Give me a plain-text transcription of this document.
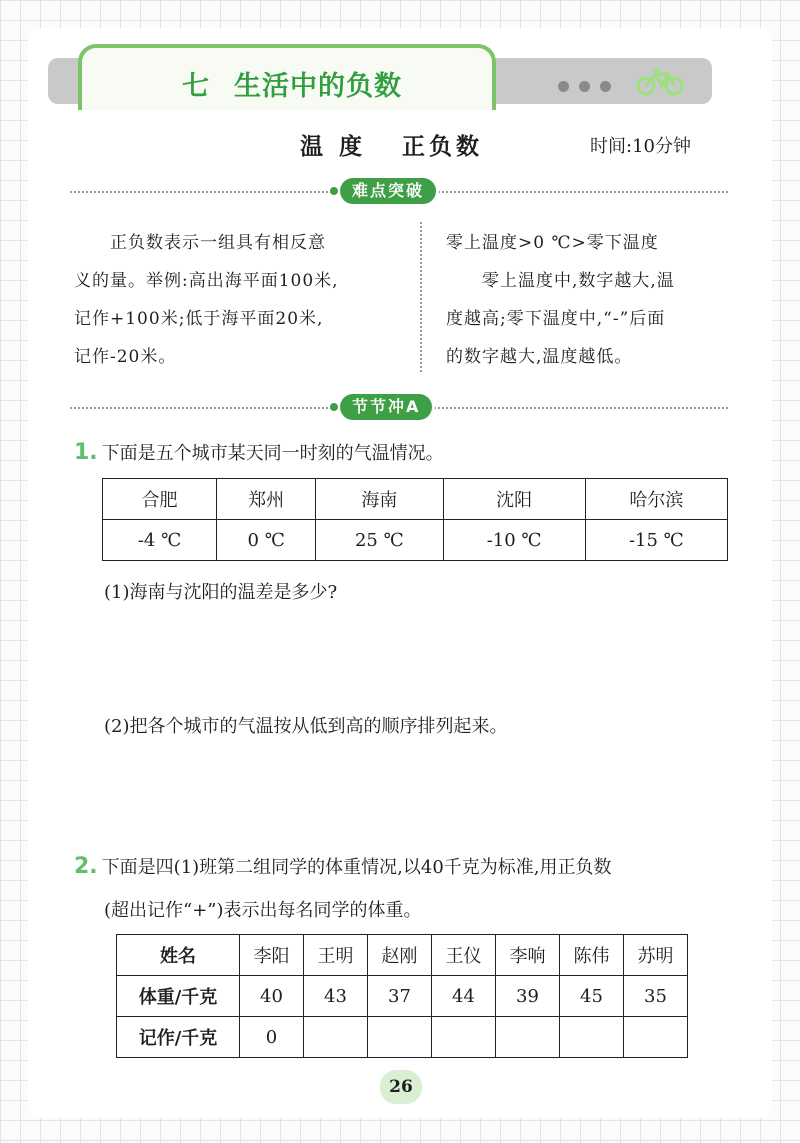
七 生活中的负数
温 度 正负数	时间:10分钟
难点突破

正负数表示一组具有相反意

义的量。举例:高出海平面100米,

记作+100米;低于海平面20米,

记作-20米。

零上温度>0 ℃>零下温度

零上温度中,数字越大,温

度越高;零下温度中,“-”后面

的数字越大,温度越低。

节节冲A
1. 下面是五个城市某天同一时刻的气温情况。
合肥	郑州	海南	沈阳	哈尔滨
-4 ℃	0 ℃	25 ℃	-10 ℃	-15 ℃
(1)海南与沈阳的温差是多少?
(2)把各个城市的气温按从低到高的顺序排列起来。
2. 下面是四(1)班第二组同学的体重情况,以40千克为标准,用正负数
(超出记作“+”)表示出每名同学的体重。
姓名	李阳	王明	赵刚	王仪	李响	陈伟	苏明
体重/千克	40	43	37	44	39	45	35
记作/千克	0						
26
